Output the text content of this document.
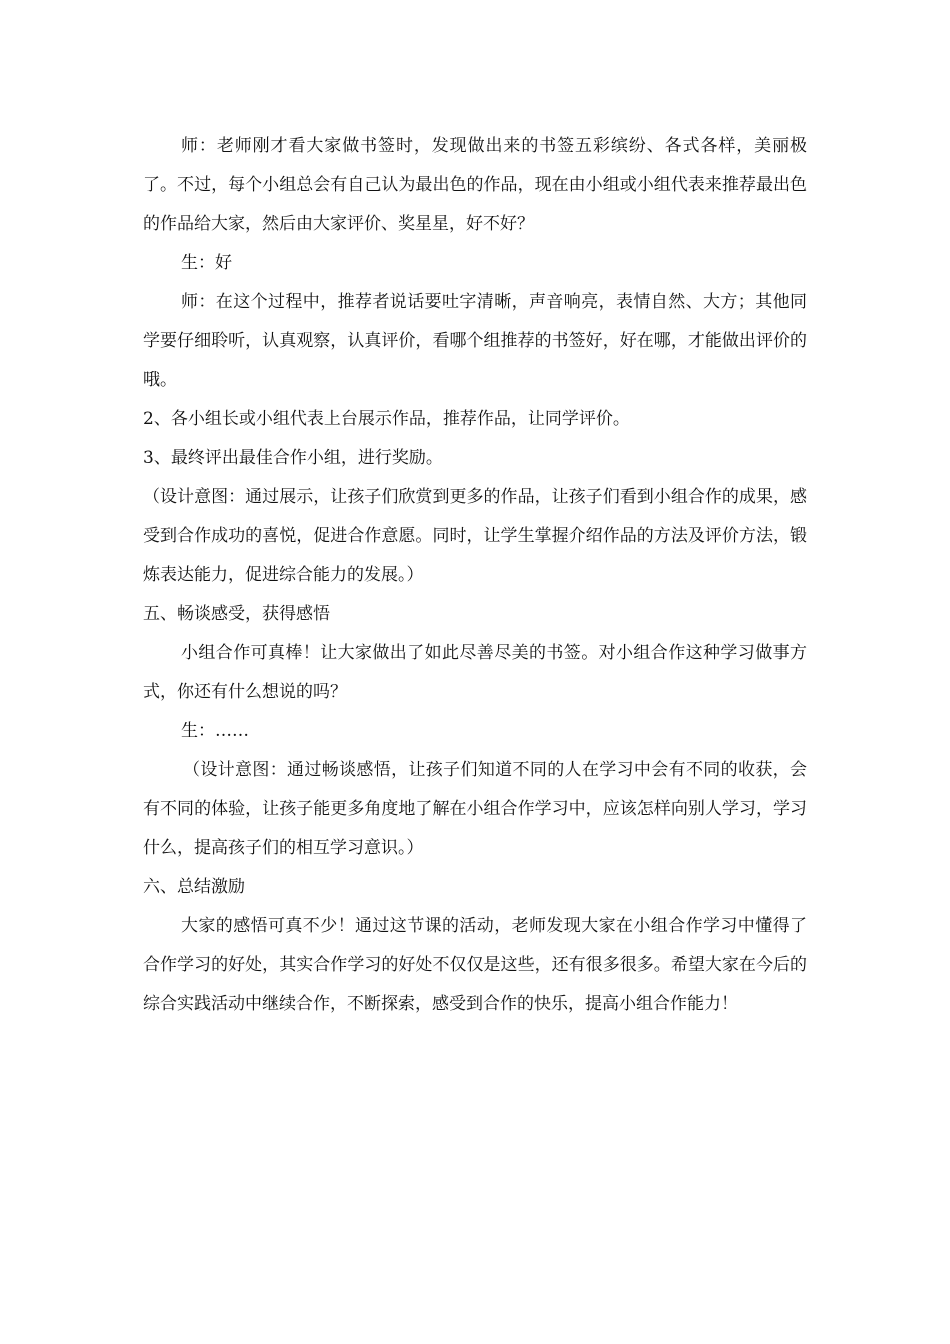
师：老师刚才看大家做书签时，发现做出来的书签五彩缤纷、各式各样，美丽极了。不过，每个小组总会有自己认为最出色的作品，现在由小组或小组代表来推荐最出色的作品给大家，然后由大家评价、奖星星，好不好？

生：好

师：在这个过程中，推荐者说话要吐字清晰，声音响亮，表情自然、大方；其他同学要仔细聆听，认真观察，认真评价，看哪个组推荐的书签好，好在哪，才能做出评价的哦。

2、各小组长或小组代表上台展示作品，推荐作品，让同学评价。

3、最终评出最佳合作小组，进行奖励。

（设计意图：通过展示，让孩子们欣赏到更多的作品，让孩子们看到小组合作的成果，感受到合作成功的喜悦，促进合作意愿。同时，让学生掌握介绍作品的方法及评价方法，锻炼表达能力，促进综合能力的发展。）

五、畅谈感受，获得感悟

小组合作可真棒！让大家做出了如此尽善尽美的书签。对小组合作这种学习做事方式，你还有什么想说的吗？

生：……

（设计意图：通过畅谈感悟，让孩子们知道不同的人在学习中会有不同的收获，会有不同的体验，让孩子能更多角度地了解在小组合作学习中，应该怎样向别人学习，学习什么，提高孩子们的相互学习意识。）

六、总结激励

大家的感悟可真不少！通过这节课的活动，老师发现大家在小组合作学习中懂得了合作学习的好处，其实合作学习的好处不仅仅是这些，还有很多很多。希望大家在今后的综合实践活动中继续合作，不断探索，感受到合作的快乐，提高小组合作能力！
